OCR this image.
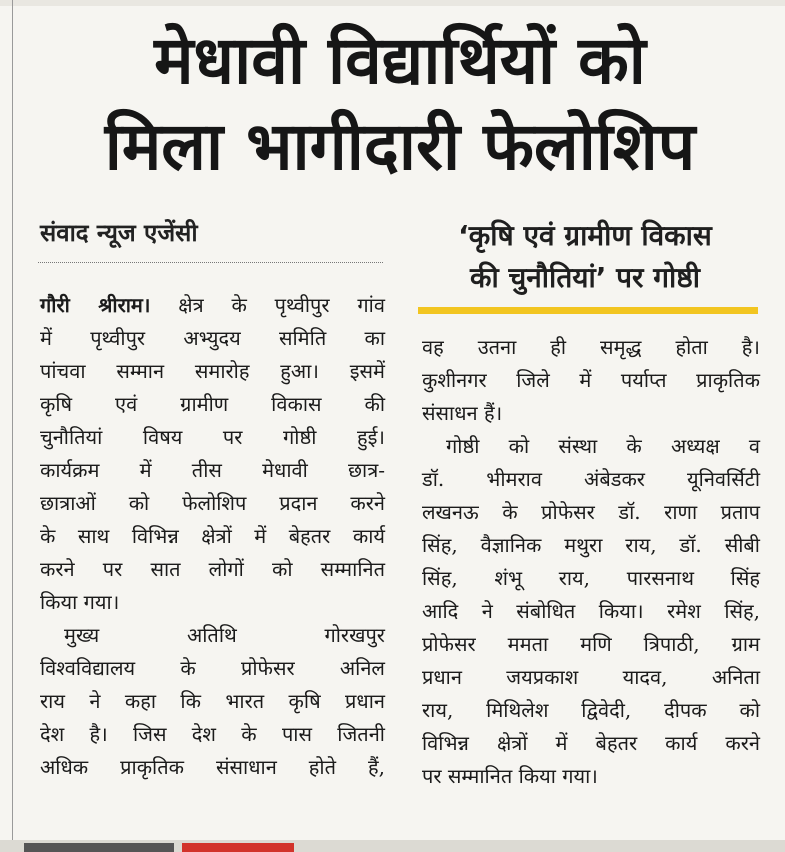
मेधावी विद्यार्थियों को
मिला भागीदारी फेलोशिप
संवाद न्यूज एजेंसी	‘कृषि एवं ग्रामीण विकास
की चुनौतियां’ पर गोष्ठी
गौरी श्रीराम। क्षेत्र के पृथ्वीपुर गांव
में पृथ्वीपुर अभ्युदय समिति का
पांचवा सम्मान समारोह हुआ। इसमें
कृषि एवं ग्रामीण विकास की
चुनौतियां विषय पर गोष्ठी हुई।
कार्यक्रम में तीस मेधावी छात्र-
छात्राओं को फेलोशिप प्रदान करने
के साथ विभिन्न क्षेत्रों में बेहतर कार्य
करने पर सात लोगों को सम्मानित
किया गया।
मुख्य अतिथि गोरखपुर
विश्वविद्यालय के प्रोफेसर अनिल
राय ने कहा कि भारत कृषि प्रधान
देश है। जिस देश के पास जितनी
अधिक प्राकृतिक संसाधान होते हैं,
वह उतना ही समृद्ध होता है।
कुशीनगर जिले में पर्याप्त प्राकृतिक
संसाधन हैं।
गोष्ठी को संस्था के अध्यक्ष व
डॉ. भीमराव अंबेडकर यूनिवर्सिटी
लखनऊ के प्रोफेसर डॉ. राणा प्रताप
सिंह, वैज्ञानिक मथुरा राय, डॉ. सीबी
सिंह, शंभू राय, पारसनाथ सिंह
आदि ने संबोधित किया। रमेश सिंह,
प्रोफेसर ममता मणि त्रिपाठी, ग्राम
प्रधान जयप्रकाश यादव, अनिता
राय, मिथिलेश द्विवेदी, दीपक को
विभिन्न क्षेत्रों में बेहतर कार्य करने
पर सम्मानित किया गया।
